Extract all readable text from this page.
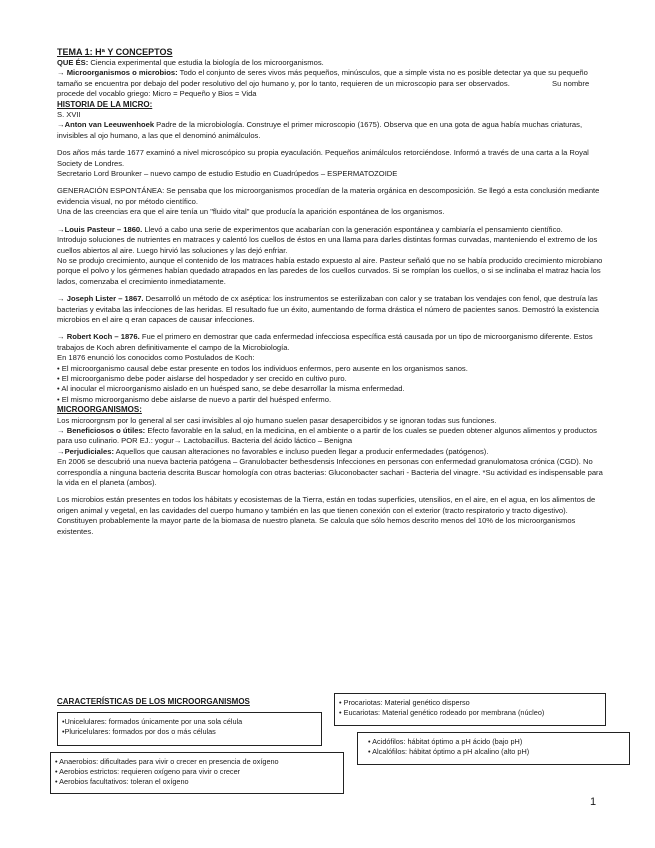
TEMA 1: Hª Y CONCEPTOS

QUE ÉS: Ciencia experimental que estudia la biología de los microorganismos.

→ Microorganismos o microbios: Todo el conjunto de seres vivos más pequeños, minúsculos, que a simple vista no es posible detectar ya que su pequeño tamaño se encuentra por debajo del poder resolutivo del ojo humano y, por lo tanto, requieren de un microscopio para ser observados.	Su nombre procede del vocablo griego: Micro = Pequeño y Bios = Vida

HISTORIA DE LA MICRO:

S. XVII

→Anton van Leeuwenhoek Padre de la microbiología. Construye el primer microscopio (1675). Observa que en una gota de agua había muchas criaturas, invisibles al ojo humano, a las que el denominó animálculos.

Dos años más tarde 1677 examinó a nivel microscópico su propia eyaculación. Pequeños animálculos retorciéndose. Informó a través de una carta a la Royal Society de Londres.

Secretario Lord Brounker – nuevo campo de estudio Estudio en Cuadrúpedos – ESPERMATOZOIDE

GENERACIÓN ESPONTÁNEA: Se pensaba que los microorganismos procedían de la materia orgánica en descomposición. Se llegó a esta conclusión mediante evidencia visual, no por método científico.

Una de las creencias era que el aire tenía un "fluido vital" que producía la aparición espontánea de los organismos.

→Louis Pasteur – 1860. Llevó a cabo una serie de experimentos que acabarían con la generación espontánea y cambiaría el pensamiento científico.

Introdujo soluciones de nutrientes en matraces y calentó los cuellos de éstos en una llama para darles distintas formas curvadas, manteniendo el extremo de los cuellos abiertos al aire. Luego hirvió las soluciones y las dejó enfriar.

No se produjo crecimiento, aunque el contenido de los matraces había estado expuesto al aire. Pasteur señaló que no se había producido crecimiento microbiano porque el polvo y los gérmenes habían quedado atrapados en las paredes de los cuellos curvados. Si se rompían los cuellos, o si se inclinaba el matraz hacia los lados, comenzaba el crecimiento inmediatamente.

→ Joseph Lister – 1867. Desarrolló un método de cx aséptica: los instrumentos se esterilizaban con calor y se trataban los vendajes con fenol, que destruía las bacterias y evitaba las infecciones de las heridas. El resultado fue un éxito, aumentando de forma drástica el número de pacientes sanos. Demostró la existencia microbios en el aire q eran capaces de causar infecciones.

→ Robert Koch – 1876. Fue el primero en demostrar que cada enfermedad infecciosa específica está causada por un tipo de microorganismo diferente. Estos trabajos de Koch abren definitivamente el campo de la Microbiología.

En 1876 enunció los conocidos como Postulados de Koch:

• El microorganismo causal debe estar presente en todos los individuos enfermos, pero ausente en los organismos sanos.

• El microorganismo debe poder aislarse del hospedador y ser crecido en cultivo puro.

• Al inocular el microorganismo aislado en un huésped sano, se debe desarrollar la misma enfermedad.

• El mismo microorganismo debe aislarse de nuevo a partir del huésped enfermo.

MICROORGANISMOS:

Los microorgnsm por lo general al ser casi invisibles al ojo humano suelen pasar desapercibidos y se ignoran todas sus funciones.

→ Beneficiosos o útiles: Efecto favorable en la salud, en la medicina, en el ambiente o a partir de los cuales se pueden obtener algunos alimentos y productos para uso culinario. POR EJ.: yogur→ Lactobacillus. Bacteria del ácido láctico – Benigna

→Perjudiciales: Aquellos que causan alteraciones no favorables e incluso pueden llegar a producir enfermedades (patógenos).

En 2006 se descubrió una nueva bacteria patógena – Granulobacter bethesdensis Infecciones en personas con enfermedad granulomatosa crónica (CGD). No correspondía a ninguna bacteria descrita Buscar homología con otras bacterias: Gluconobacter sachari - Bacteria del vinagre. *Su actividad es indispensable para la vida en el planeta (ambos).

Los microbios están presentes en todos los hábitats y ecosistemas de la Tierra, están en todas superficies, utensilios, en el aire, en el agua, en los alimentos de origen animal y vegetal, en las cavidades del cuerpo humano y también en las que tienen conexión con el exterior (tracto respiratorio y tracto digestivo). Constituyen probablemente la mayor parte de la biomasa de nuestro planeta. Se calcula que sólo hemos descrito menos del 10% de los microorganismos existentes.

CARACTERÍSTICAS DE LOS MICROORGANISMOS

•Unicelulares: formados únicamente por una sola célula
•Pluricelulares: formados por dos o más células
• Procariotas: Material genético disperso
• Eucariotas: Material genético rodeado por membrana (núcleo)
• Acidófilos: hábitat óptimo a pH ácido (bajo pH)
• Alcalófilos: hábitat óptimo a pH alcalino (alto pH)
• Anaerobios: dificultades para vivir o crecer en presencia de oxígeno
• Aerobios estrictos: requieren oxígeno para vivir o crecer
• Aerobios facultativos: toleran el oxígeno
1
